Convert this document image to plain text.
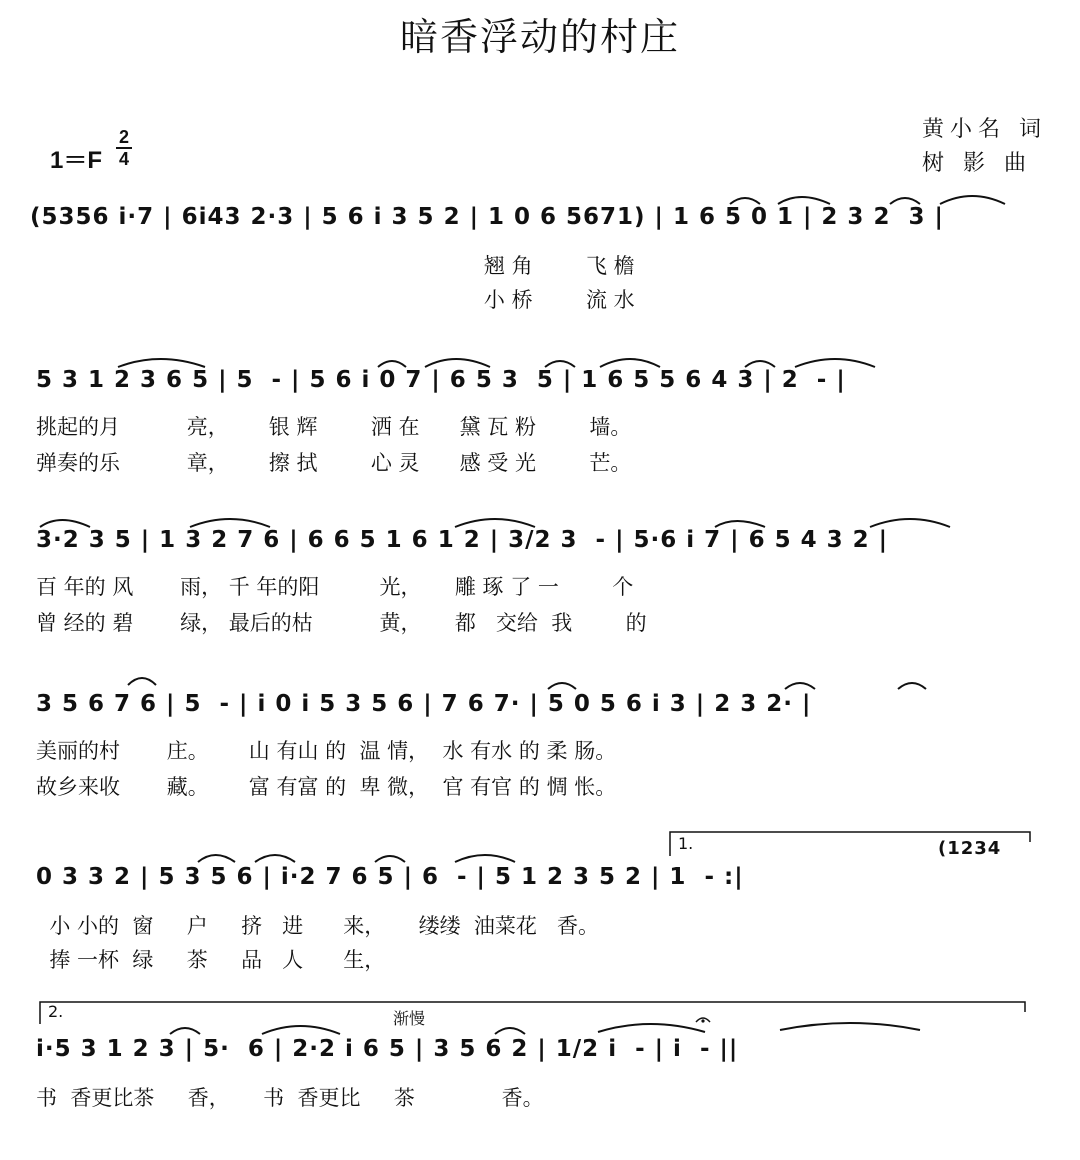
暗香浮动的村庄
黄小名 词
树 影 曲
1＝F
2
4
(5356 i·7 | 6i43 2·3 | 5 6 i 3 5 2 | 1 0 6 5671) | 1 6 5 0 1 | 2 3 2  3 |
翘 角        飞 檐
小 桥        流 水
5 3 1 2 3 6 5 | 5  - | 5 6 i 0 7 | 6 5 3  5 | 1 6 5 5 6 4 3 | 2  - |
挑起的月          亮，      银 辉        洒 在      黛 瓦 粉        墙。
弹奏的乐          章，      擦 拭        心 灵      感 受 光        芒。
3·2 3 5 | 1 3 2 7 6 | 6 6 5 1 6 1 2 | 3/2 3  - | 5·6 i 7 | 6 5 4 3 2 |
百 年的 风       雨， 千 年的阳         光，     雕 琢 了 一        个
曾 经的 碧       绿， 最后的枯          黄，     都   交给  我        的
3 5 6 7 6 | 5  - | i 0 i 5 3 5 6 | 7 6 7· | 5 0 5 6 i 3 | 2 3 2· |
美丽的村       庄。      山 有山 的  温 情，  水 有水 的 柔 肠。
故乡来收       藏。      富 有富 的  卑 微，  官 有官 的 惆 怅。
0 3 3 2 | 5 3 5 6 | i·2 7 6 5 | 6  - | 5 1 2 3 5 2 | 1  - :|
小 小的  窗     户     挤   进      来，     缕缕  油菜花   香。
捧 一杯  绿     茶     品   人      生，
1.	(1234
i·5 3 1 2 3 | 5·  6 | 2·2 i 6 5 | 3 5 6 2 | 1/2 i  - | i  - ||
书  香更比茶     香，     书  香更比     茶             香。
2.	渐慢
